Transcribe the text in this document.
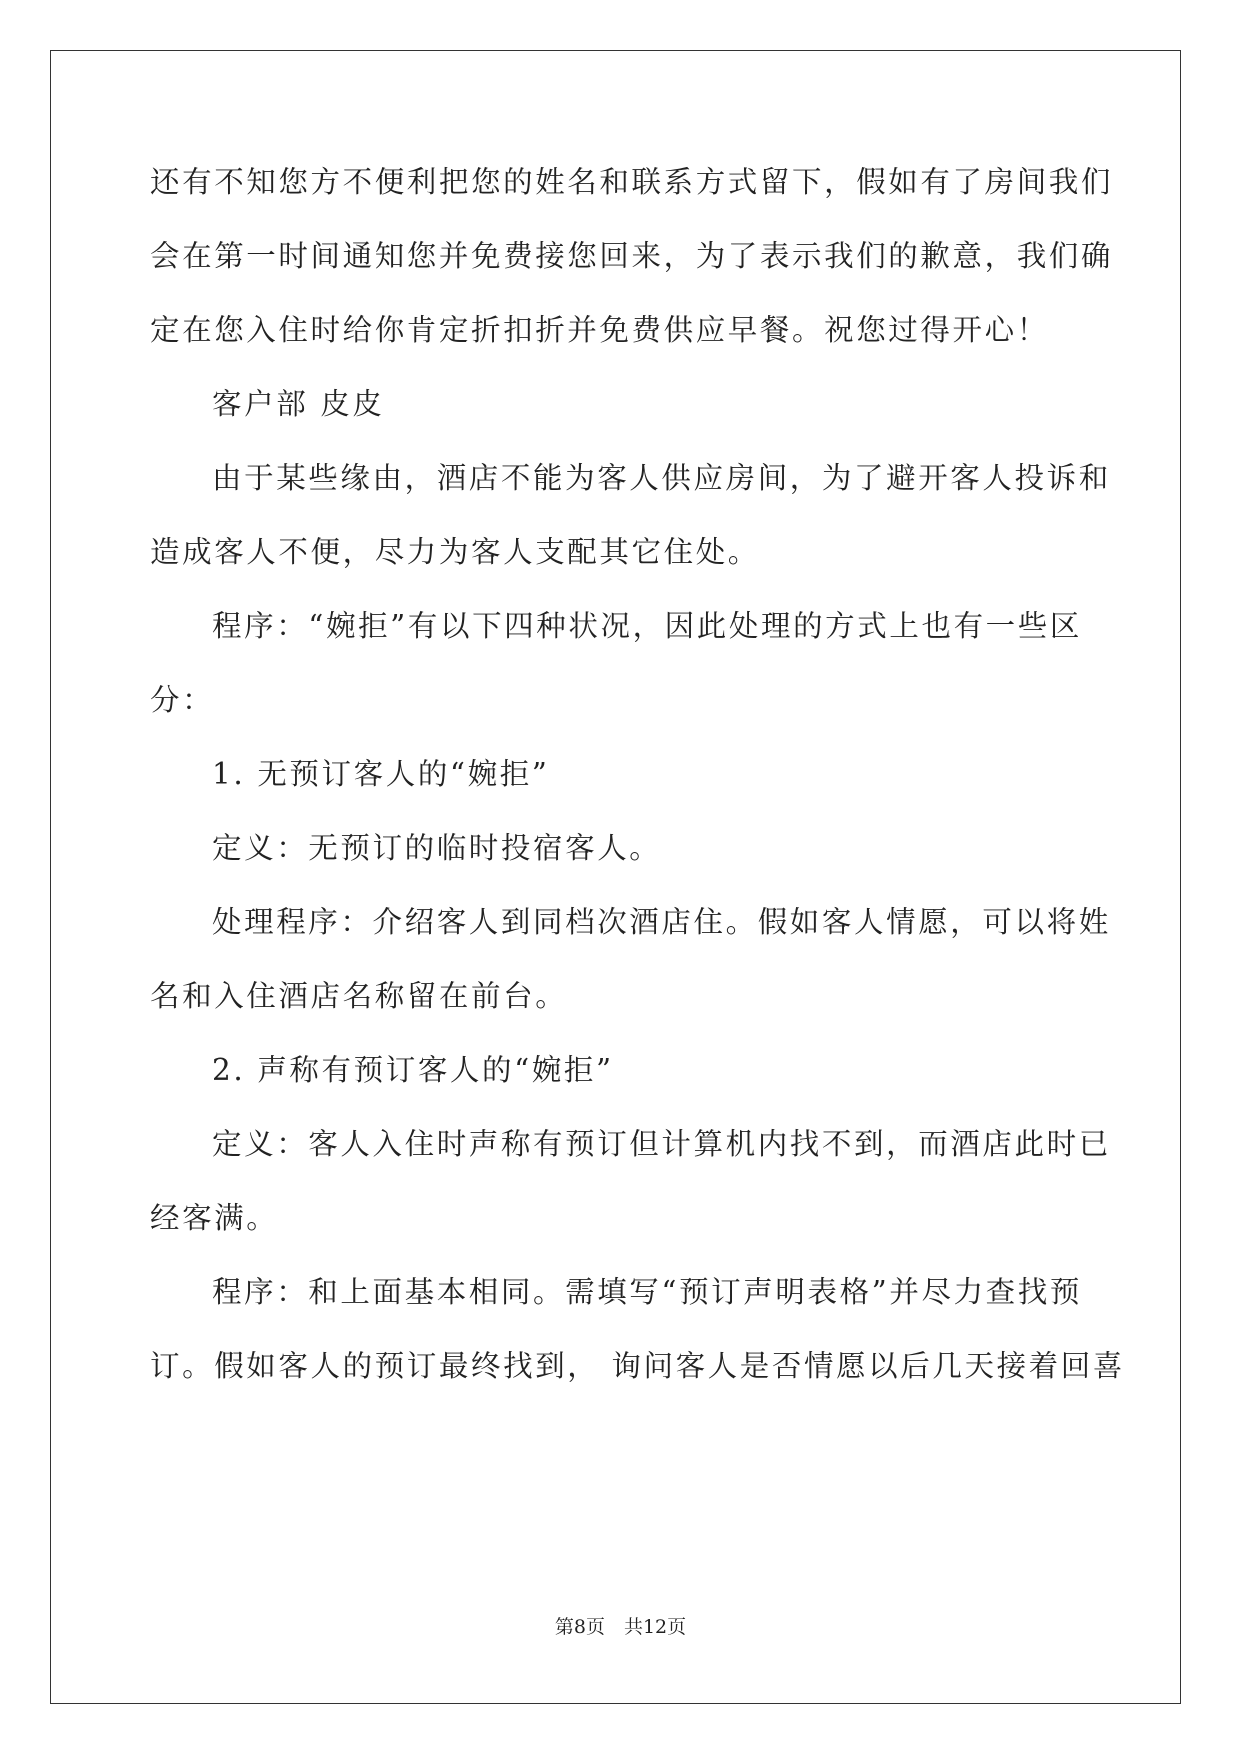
还有不知您方不便利把您的姓名和联系方式留下，假如有了房间我们
会在第一时间通知您并免费接您回来，为了表示我们的歉意，我们确
定在您入住时给你肯定折扣折并免费供应早餐。祝您过得开心！
客户部 皮皮
由于某些缘由，酒店不能为客人供应房间，为了避开客人投诉和
造成客人不便，尽力为客人支配其它住处。
程序：“婉拒”有以下四种状况，因此处理的方式上也有一些区
分：
1. 无预订客人的“婉拒”
定义：无预订的临时投宿客人。
处理程序：介绍客人到同档次酒店住。假如客人情愿，可以将姓
名和入住酒店名称留在前台。
2. 声称有预订客人的“婉拒”
定义：客人入住时声称有预订但计算机内找不到，而酒店此时已
经客满。
程序：和上面基本相同。需填写“预订声明表格”并尽力查找预
订。假如客人的预订最终找到， 询问客人是否情愿以后几天接着回喜
第8页　共12页
